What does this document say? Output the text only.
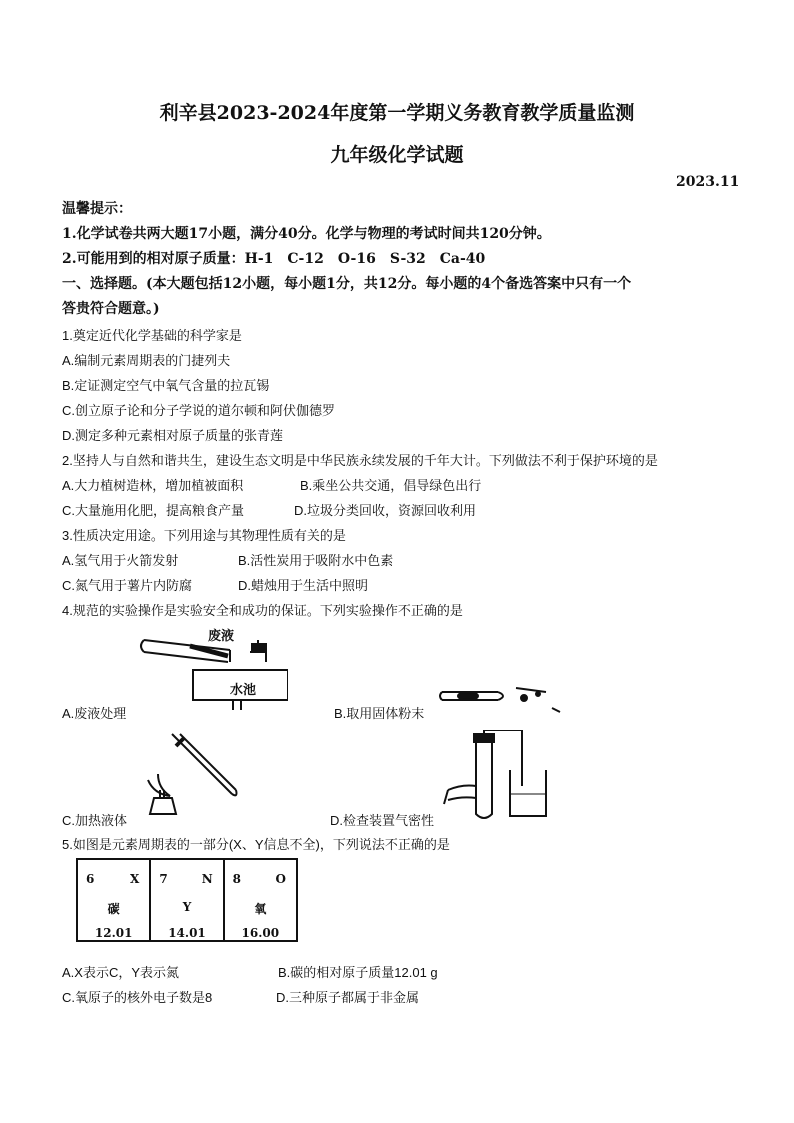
利辛县2023-2024年度第一学期义务教育教学质量监测
九年级化学试题
2023.11
温馨提示：
1.化学试卷共两大题17小题，满分40分。化学与物理的考试时间共120分钟。
2.可能用到的相对原子质量：H-1　C-12　O-16　S-32　Ca-40
一、选择题。(本大题包括12小题，每小题1分，共12分。每小题的4个备选答案中只有一个
答贵符合题意。)
1.奠定近代化学基础的科学家是
A.编制元素周期表的门捷列夫
B.定证测定空气中氧气含量的拉瓦锡
C.创立原子论和分子学说的道尔顿和阿伏伽德罗
D.测定多种元素相对原子质量的张青莲
2.坚持人与自然和谐共生，建设生态文明是中华民族永续发展的千年大计。下列做法不利于保护环境的是
A.大力植树造林，增加植被面积	B.乘坐公共交通，倡导绿色出行
C.大量施用化肥，提高粮食产量	D.垃圾分类回收，资源回收利用
3.性质决定用途。下列用途与其物理性质有关的是
A.氢气用于火箭发射	B.活性炭用于吸附水中色素
C.氮气用于薯片内防腐	D.蜡烛用于生活中照明
4.规范的实验操作是实验安全和成功的保证。下列实验操作不正确的是
废液
水池
A.废液处理	B.取用固体粉末
C.加热液体	D.检查装置气密性
5.如图是元素周期表的一部分(X、Y信息不全)，下列说法不正确的是
6	X
碳
12.01
7	N
Y
14.01
8	O
氧
16.00
A.X表示C，Y表示氮	B.碳的相对原子质量12.01 g
C.氧原子的核外电子数是8	D.三种原子都属于非金属
